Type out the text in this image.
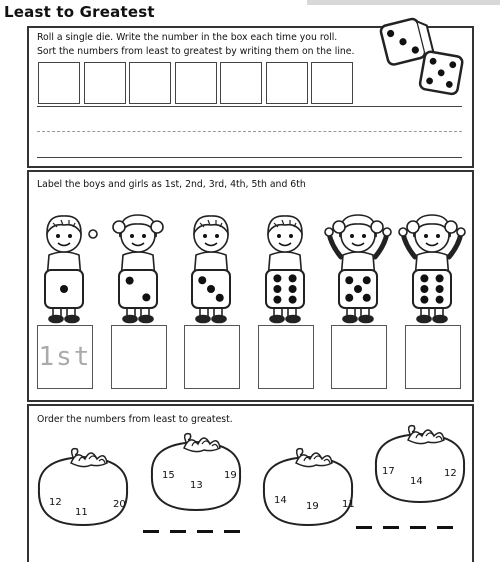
Least to Greatest
Roll a single die. Write the number in the box each time you roll.
Sort the numbers from least to greatest by writing them on the line.
Label the boys and girls as 1st, 2nd, 3rd, 4th, 5th and 6th
1st
Order the numbers from least to greatest.
12
11
20
15
13
19
14
19 11
17
14
12
